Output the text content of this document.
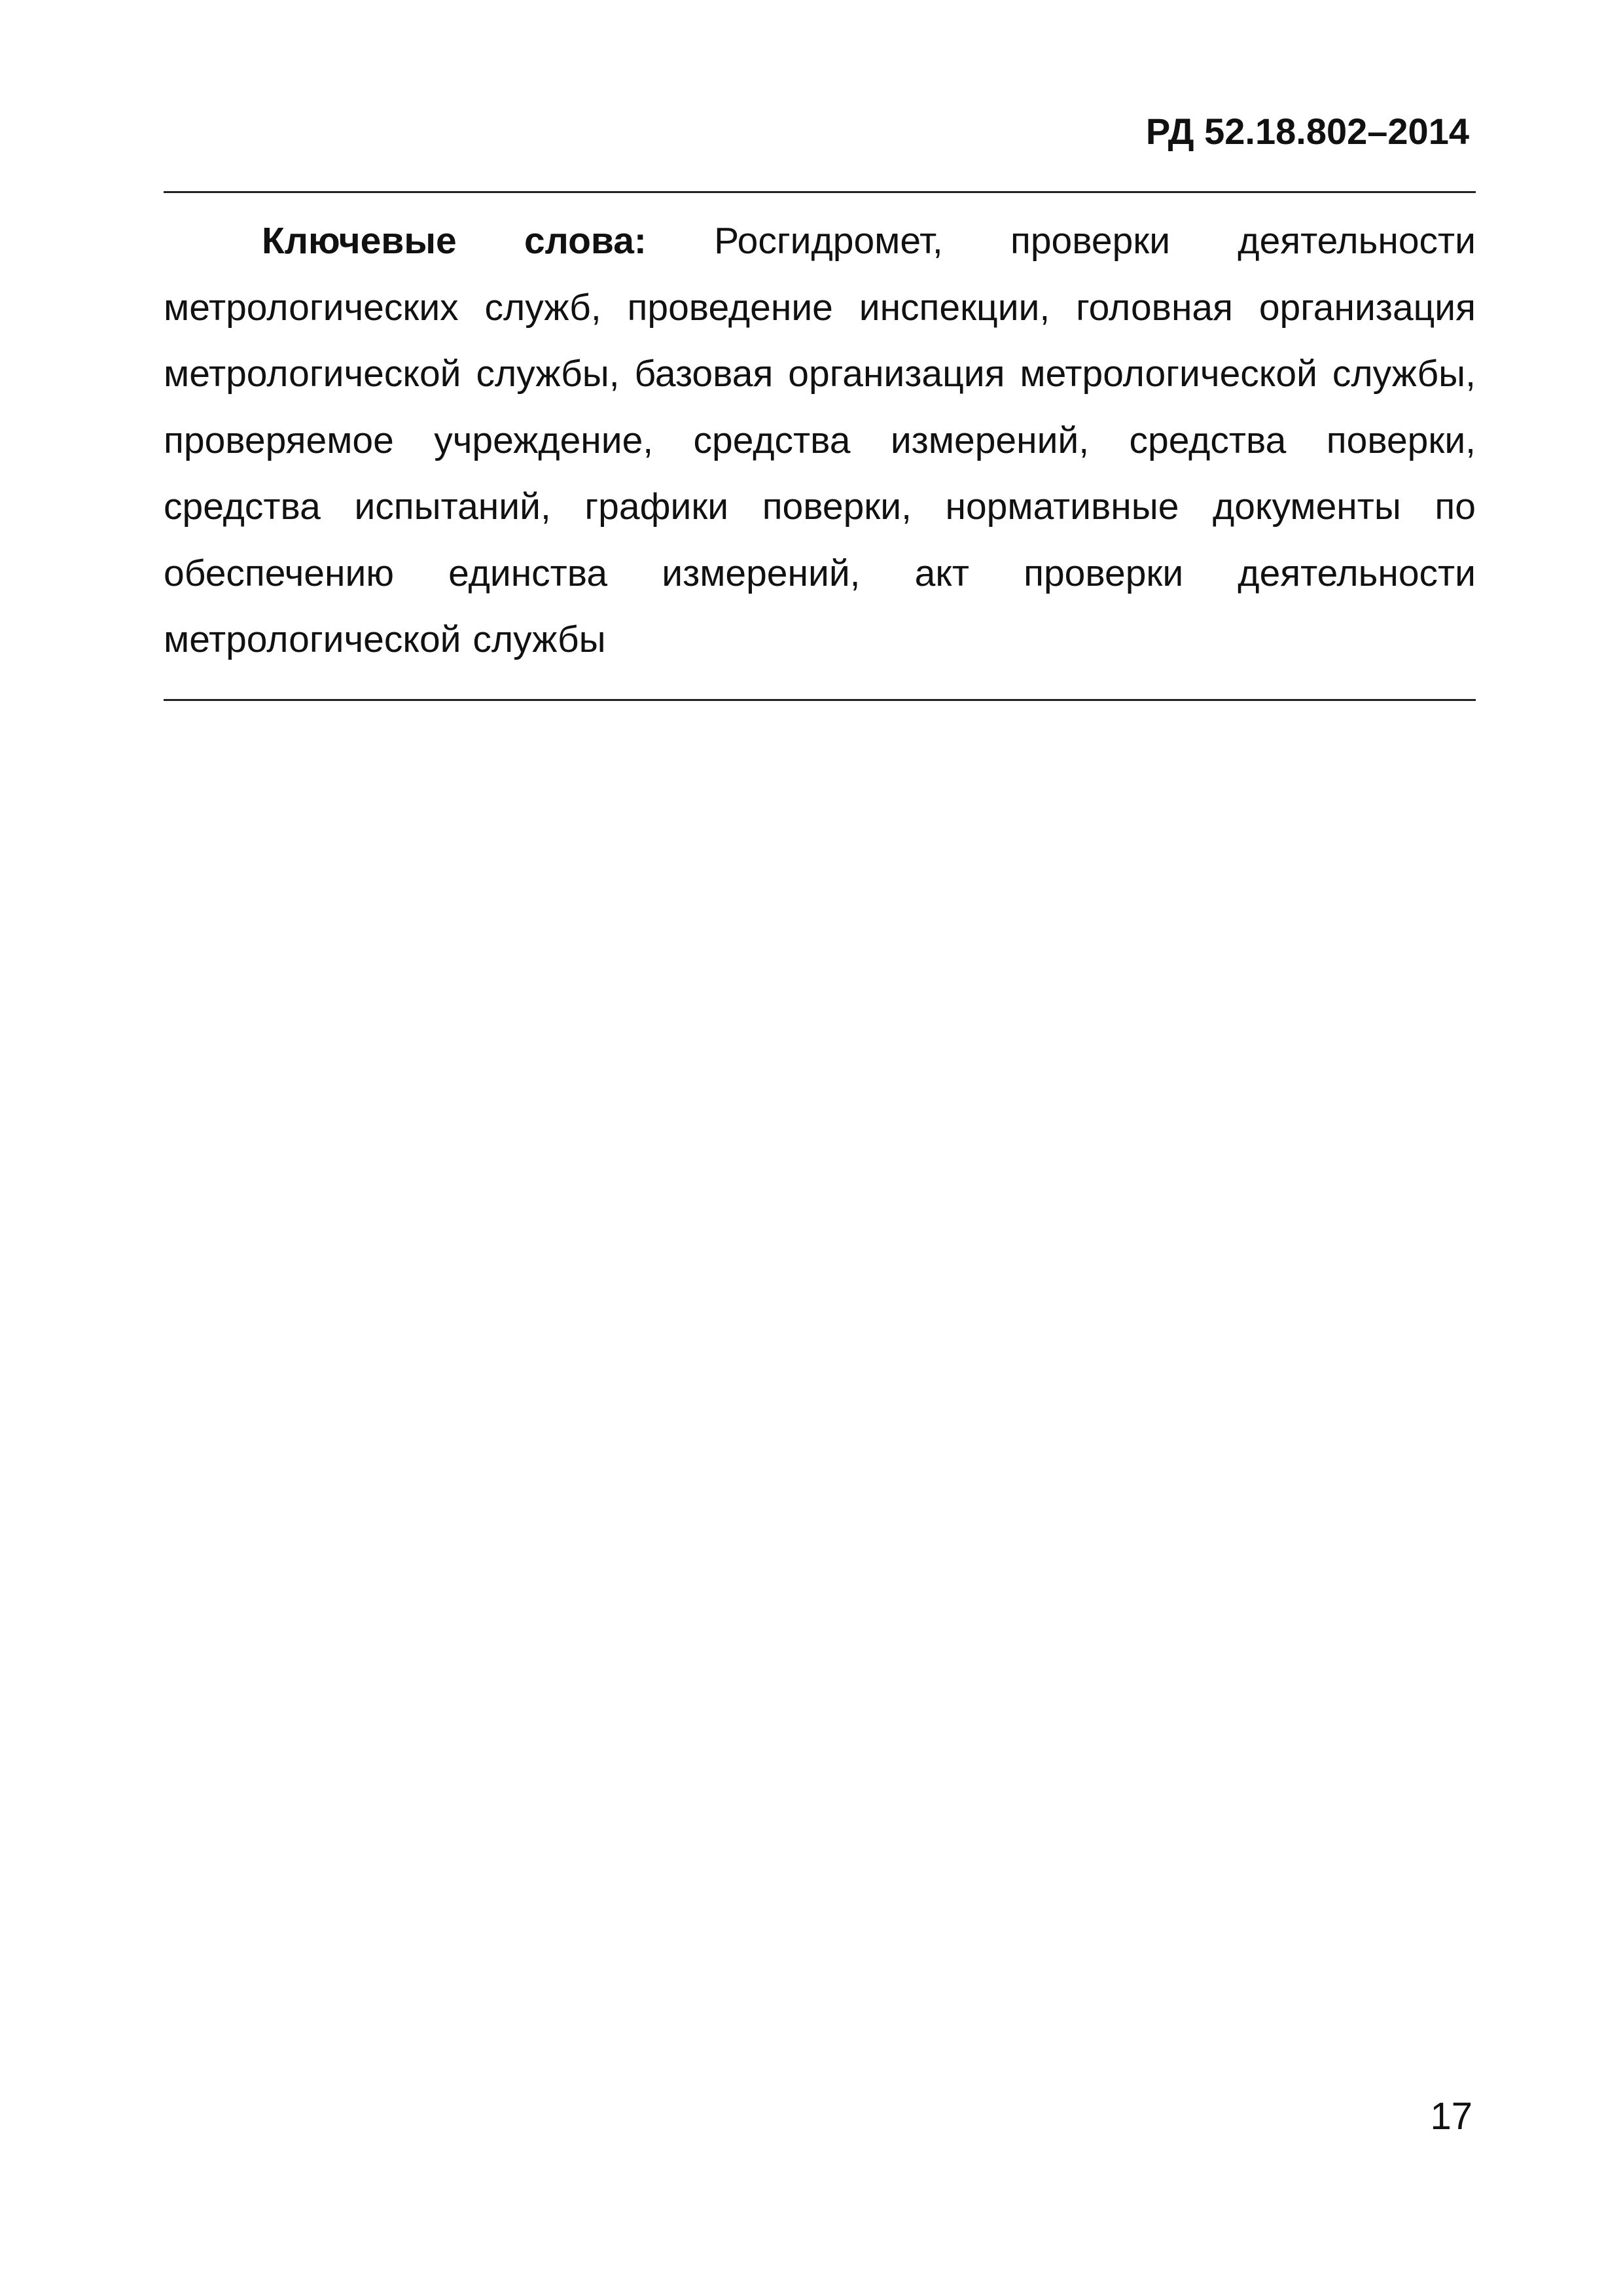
РД 52.18.802–2014

Ключевые слова: Росгидромет, проверки деятельности метрологических служб, проведение инспекции, головная организация метрологической службы, базовая организация метрологической службы, проверяемое учреждение, средства измерений, средства поверки, средства испытаний, графики поверки, нормативные документы по обеспечению единства измерений, акт проверки деятельности метрологической службы

17
